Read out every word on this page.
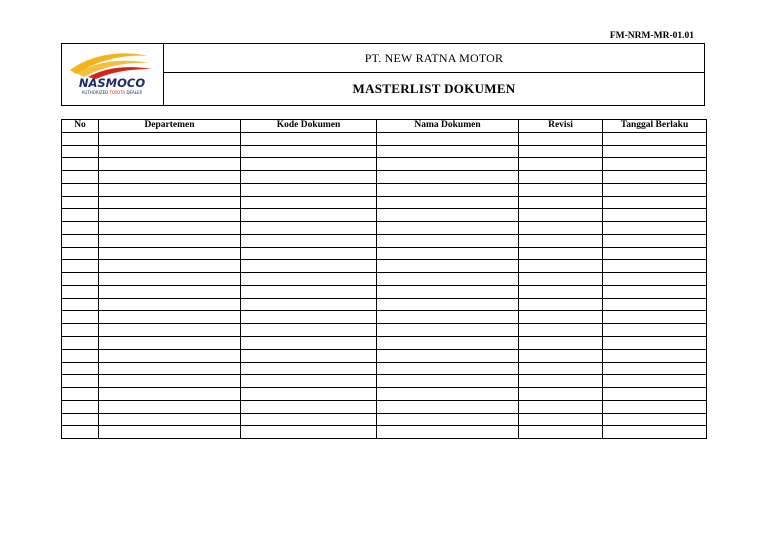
FM-NRM-MR-01.01
NASMOCO
AUTHORIZED TOYOTA DEALER
PT. NEW RATNA MOTOR
MASTERLIST DOKUMEN
No	Departemen	Kode Dokumen	Nama Dokumen	Revisi	Tanggal Berlaku
